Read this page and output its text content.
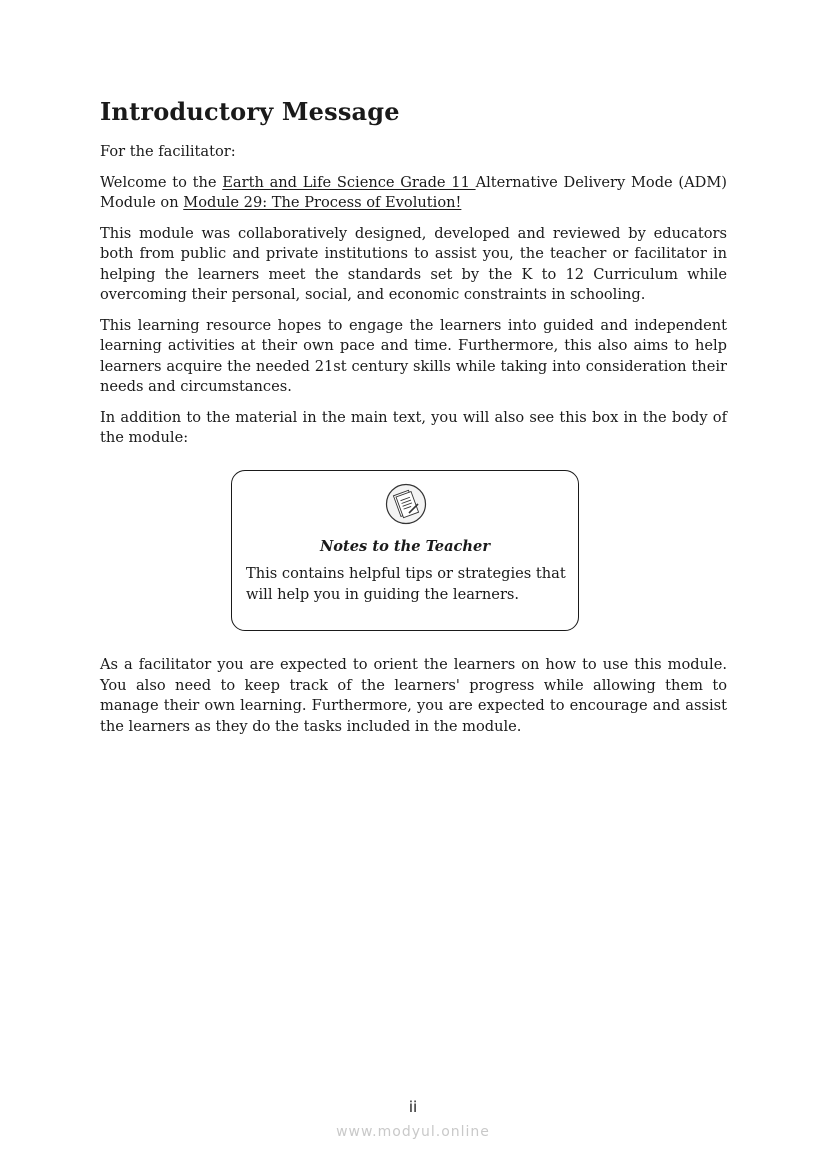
Introductory Message

For the facilitator:

Welcome to the Earth and Life Science Grade 11 Alternative Delivery Mode (ADM) Module on Module 29: The Process of Evolution!

This module was collaboratively designed, developed and reviewed by educators both from public and private institutions to assist you, the teacher or facilitator in helping the learners meet the standards set by the K to 12 Curriculum while overcoming their personal, social, and economic constraints in schooling.

This learning resource hopes to engage the learners into guided and independent learning activities at their own pace and time. Furthermore, this also aims to help learners acquire the needed 21st century skills while taking into consideration their needs and circumstances.

In addition to the material in the main text, you will also see this box in the body of the module:

Notes to the Teacher

This contains helpful tips or strategies that will help you in guiding the learners.

As a facilitator you are expected to orient the learners on how to use this module. You also need to keep track of the learners' progress while allowing them to manage their own learning. Furthermore, you are expected to encourage and assist the learners as they do the tasks included in the module.

ii
www.modyul.online
